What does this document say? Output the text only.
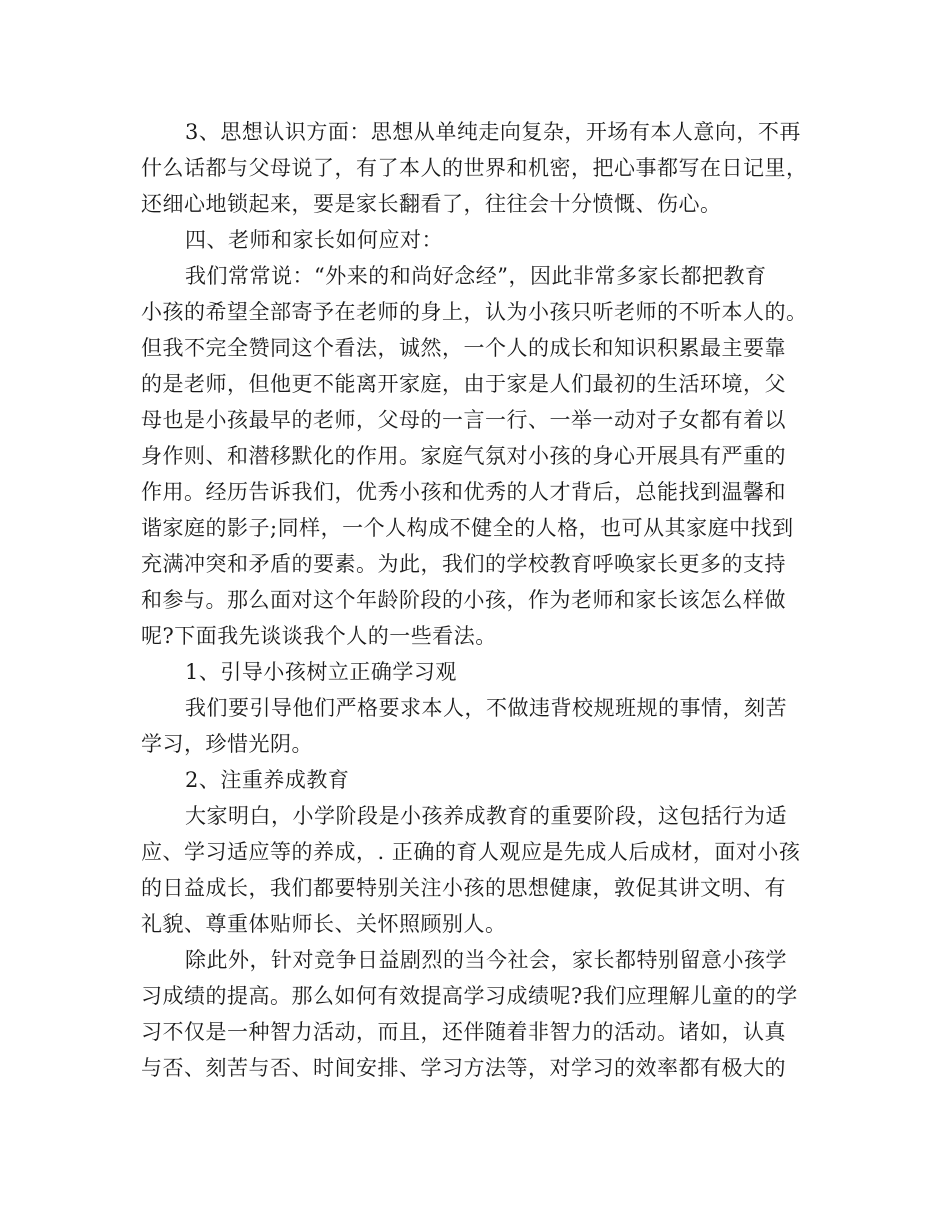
3、思想认识方面：思想从单纯走向复杂，开场有本人意向，不再

什么话都与父母说了，有了本人的世界和机密，把心事都写在日记里，

还细心地锁起来，要是家长翻看了，往往会十分愤慨、伤心。

四、老师和家长如何应对：

我们常常说：“外来的和尚好念经”，因此非常多家长都把教育

小孩的希望全部寄予在老师的身上，认为小孩只听老师的不听本人的。

但我不完全赞同这个看法，诚然，一个人的成长和知识积累最主要靠

的是老师，但他更不能离开家庭，由于家是人们最初的生活环境，父

母也是小孩最早的老师，父母的一言一行、一举一动对子女都有着以

身作则、和潜移默化的作用。家庭气氛对小孩的身心开展具有严重的

作用。经历告诉我们，优秀小孩和优秀的人才背后，总能找到温馨和

谐家庭的影子;同样，一个人构成不健全的人格，也可从其家庭中找到

充满冲突和矛盾的要素。为此，我们的学校教育呼唤家长更多的支持

和参与。那么面对这个年龄阶段的小孩，作为老师和家长该怎么样做

呢?下面我先谈谈我个人的一些看法。

1、引导小孩树立正确学习观

我们要引导他们严格要求本人，不做违背校规班规的事情，刻苦

学习，珍惜光阴。

2、注重养成教育

大家明白，小学阶段是小孩养成教育的重要阶段，这包括行为适

应、学习适应等的养成，. 正确的育人观应是先成人后成材，面对小孩

的日益成长，我们都要特别关注小孩的思想健康，敦促其讲文明、有

礼貌、尊重体贴师长、关怀照顾别人。

除此外，针对竞争日益剧烈的当今社会，家长都特别留意小孩学

习成绩的提高。那么如何有效提高学习成绩呢?我们应理解儿童的的学

习不仅是一种智力活动，而且，还伴随着非智力的活动。诸如，认真

与否、刻苦与否、时间安排、学习方法等，对学习的效率都有极大的
